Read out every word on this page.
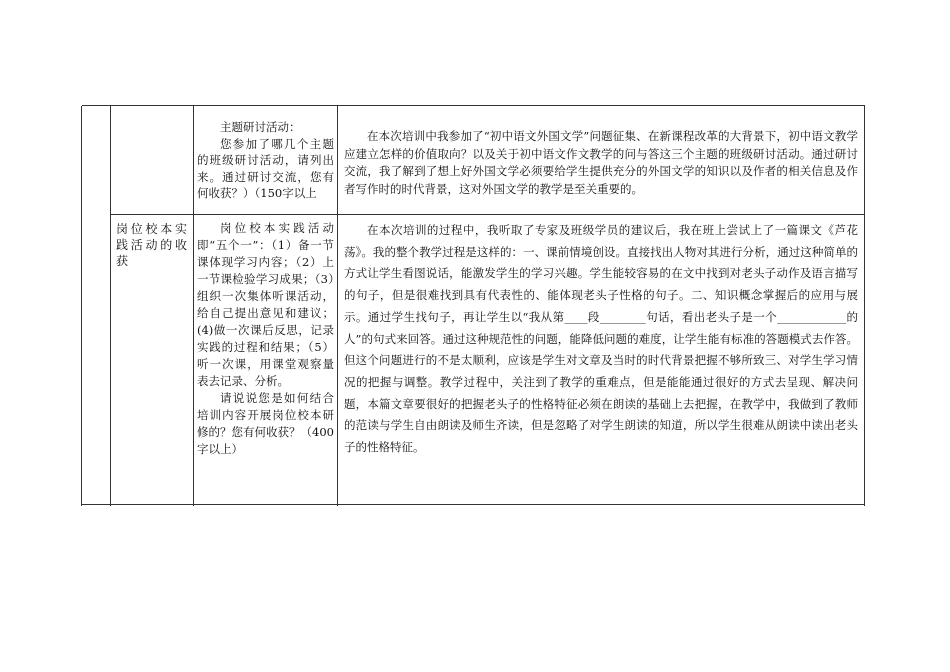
主题研讨活动：

您参加了哪几个主题的班级研讨活动，请列出来。通过研讨交流，您有何收获？）（150字以上

在本次培训中我参加了“初中语文外国文学”问题征集、在新课程改革的大背景下，初中语文教学应建立怎样的价值取向？以及关于初中语文作文教学的问与答这三个主题的班级研讨活动。通过研讨交流，我了解到了想上好外国文学必须要给学生提供充分的外国文学的知识以及作者的相关信息及作者写作时的时代背景，这对外国文学的教学是至关重要的。

岗位校本实践活动的收获

岗位校本实践活动即“五个一”：（1）备一节课体现学习内容；（2）上一节课检验学习成果；（3）组织一次集体听课活动，给自己提出意见和建议；(4)做一次课后反思，记录实践的过程和结果；（5）听一次课，用课堂观察量表去记录、分析。

请说说您是如何结合培训内容开展岗位校本研修的？您有何收获？（400字以上）

在本次培训的过程中，我听取了专家及班级学员的建议后，我在班上尝试上了一篇课文《芦花荡》。我的整个教学过程是这样的：一、课前情境创设。直接找出人物对其进行分析，通过这种简单的方式让学生看图说话，能激发学生的学习兴趣。学生能较容易的在文中找到对老头子动作及语言描写的句子，但是很难找到具有代表性的、能体现老头子性格的句子。二、知识概念掌握后的应用与展示。通过学生找句子，再让学生以“我从第____段________句话，看出老头子是一个____________的人”的句式来回答。通过这种规范性的问题，能降低问题的难度，让学生能有标准的答题模式去作答。但这个问题进行的不是太顺利，应该是学生对文章及当时的时代背景把握不够所致三、对学生学习情况的把握与调整。教学过程中，关注到了教学的重难点，但是能能通过很好的方式去呈现、解决问题，本篇文章要很好的把握老头子的性格特征必须在朗读的基础上去把握，在教学中，我做到了教师的范读与学生自由朗读及师生齐读，但是忽略了对学生朗读的知道，所以学生很难从朗读中读出老头子的性格特征。
